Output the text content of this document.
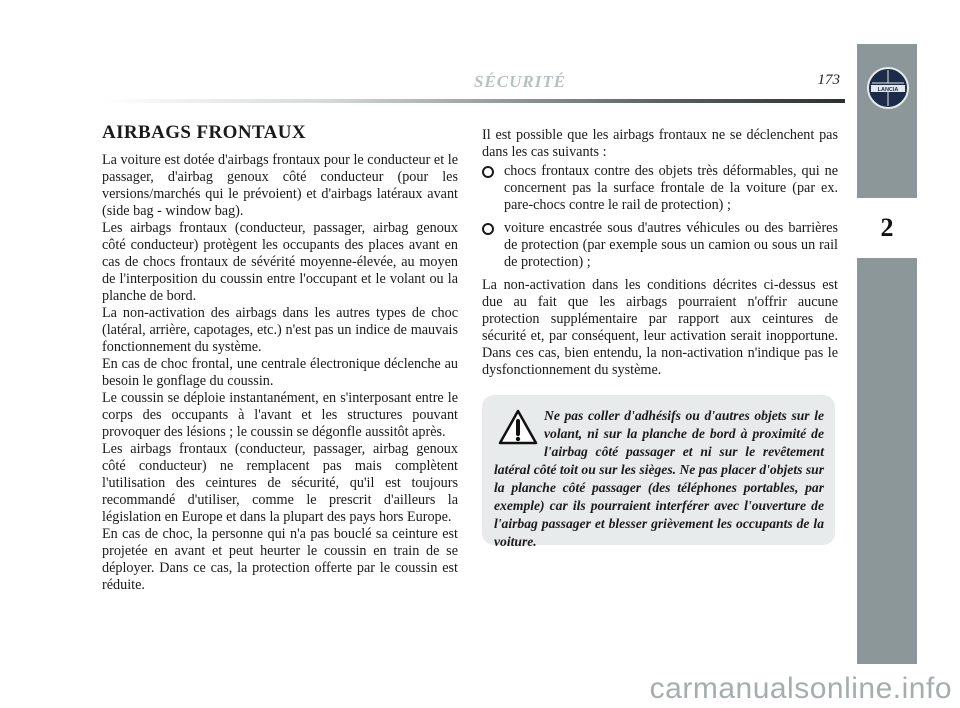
SÉCURITÉ	173
LANCIA
2
AIRBAGS FRONTAUX

La voiture est dotée d'airbags frontaux pour le conducteur et le passager, d'airbag genoux côté conducteur (pour les versions/marchés qui le prévoient) et d'airbags latéraux avant (side bag - window bag).

Les airbags frontaux (conducteur, passager, airbag genoux côté conducteur) protègent les occupants des places avant en cas de chocs frontaux de sévérité moyenne-élevée, au moyen de l'interposition du coussin entre l'occupant et le volant ou la planche de bord.

La non-activation des airbags dans les autres types de choc (latéral, arrière, capotages, etc.) n'est pas un indice de mauvais fonctionnement du système.

En cas de choc frontal, une centrale électronique déclenche au besoin le gonflage du coussin.

Le coussin se déploie instantanément, en s'interposant entre le corps des occupants à l'avant et les structures pouvant provoquer des lésions ; le coussin se dégonfle aussitôt après.

Les airbags frontaux (conducteur, passager, airbag genoux côté conducteur) ne remplacent pas mais complètent l'utilisation des ceintures de sécurité, qu'il est toujours recommandé d'utiliser, comme le prescrit d'ailleurs la législation en Europe et dans la plupart des pays hors Europe.

En cas de choc, la personne qui n'a pas bouclé sa ceinture est projetée en avant et peut heurter le coussin en train de se déployer. Dans ce cas, la protection offerte par le coussin est réduite.

Il est possible que les airbags frontaux ne se déclenchent pas dans les cas suivants :

chocs frontaux contre des objets très déformables, qui ne concernent pas la surface frontale de la voiture (par ex. pare-chocs contre le rail de protection) ;
voiture encastrée sous d'autres véhicules ou des barrières de protection (par exemple sous un camion ou sous un rail de protection) ;

La non-activation dans les conditions décrites ci-dessus est due au fait que les airbags pourraient n'offrir aucune protection supplémentaire par rapport aux ceintures de sécurité et, par conséquent, leur activation serait inopportune. Dans ces cas, bien entendu, la non-activation n'indique pas le dysfonctionnement du système.

Ne pas coller d'adhésifs ou d'autres objets sur le volant, ni sur la planche de bord à proximité de l'airbag côté passager et ni sur le revêtement latéral côté toit ou sur les sièges. Ne pas placer d'objets sur la planche côté passager (des téléphones portables, par exemple) car ils pourraient interférer avec l'ouverture de l'airbag passager et blesser grièvement les occupants de la voiture.
carmanualsonline.info
